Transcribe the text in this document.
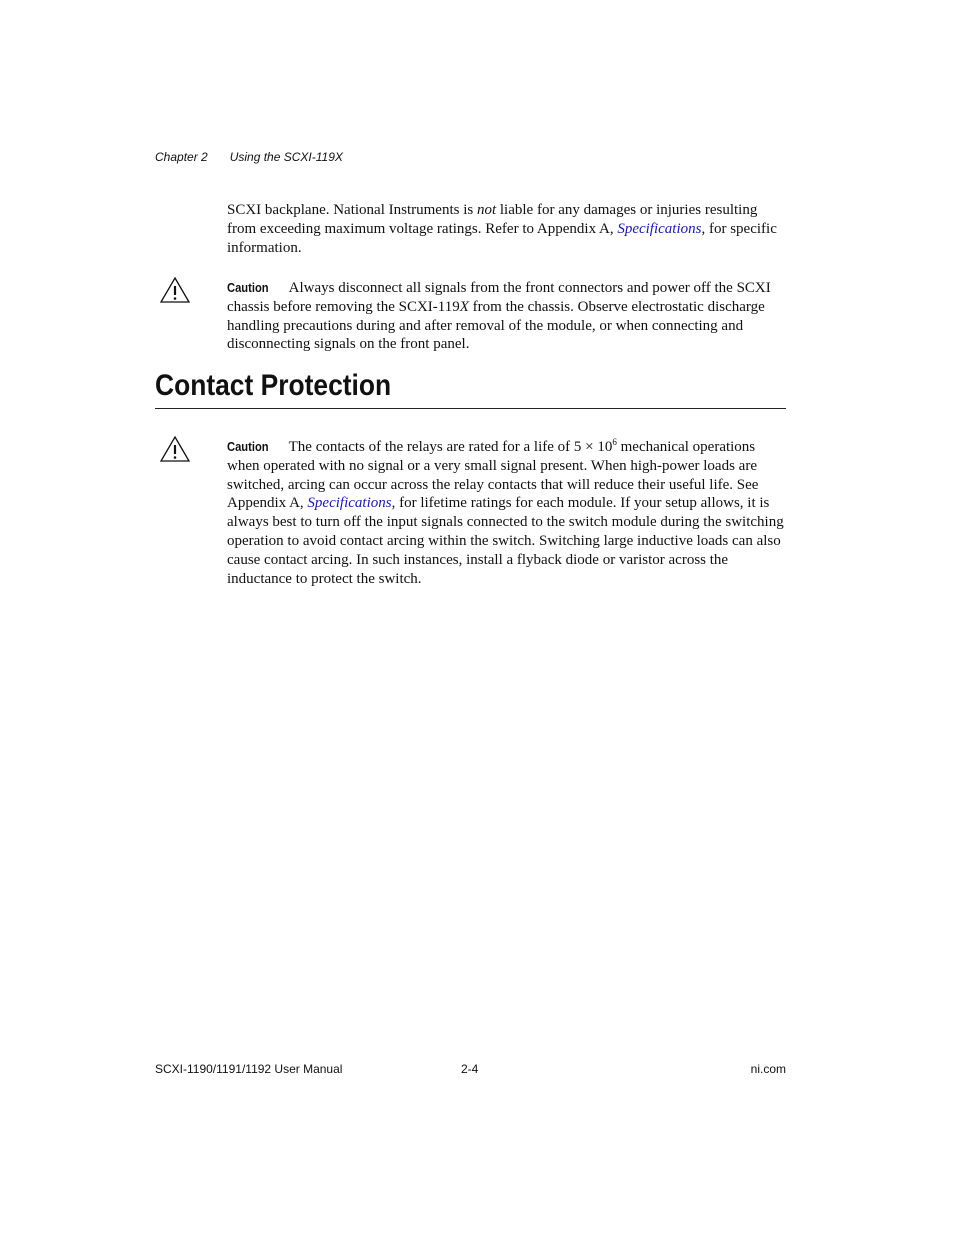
Chapter 2 Using the SCXI-119X
SCXI backplane. National Instruments is not liable for any damages or injuries resulting from exceeding maximum voltage ratings. Refer to Appendix A, Specifications, for specific information.
Caution Always disconnect all signals from the front connectors and power off the SCXI chassis before removing the SCXI-119X from the chassis. Observe electrostatic discharge handling precautions during and after removal of the module, or when connecting and disconnecting signals on the front panel.
Contact Protection
Caution The contacts of the relays are rated for a life of $5 \times 10^6$ mechanical operations when operated with no signal or a very small signal present. When high-power loads are switched, arcing can occur across the relay contacts that will reduce their useful life. See Appendix A, Specifications, for lifetime ratings for each module. If your setup allows, it is always best to turn off the input signals connected to the switch module during the switching operation to avoid contact arcing within the switch. Switching large inductive loads can also cause contact arcing. In such instances, install a flyback diode or varistor across the inductance to protect the switch.
SCXI-1190/1191/1192 User Manual	2-4	ni.com
